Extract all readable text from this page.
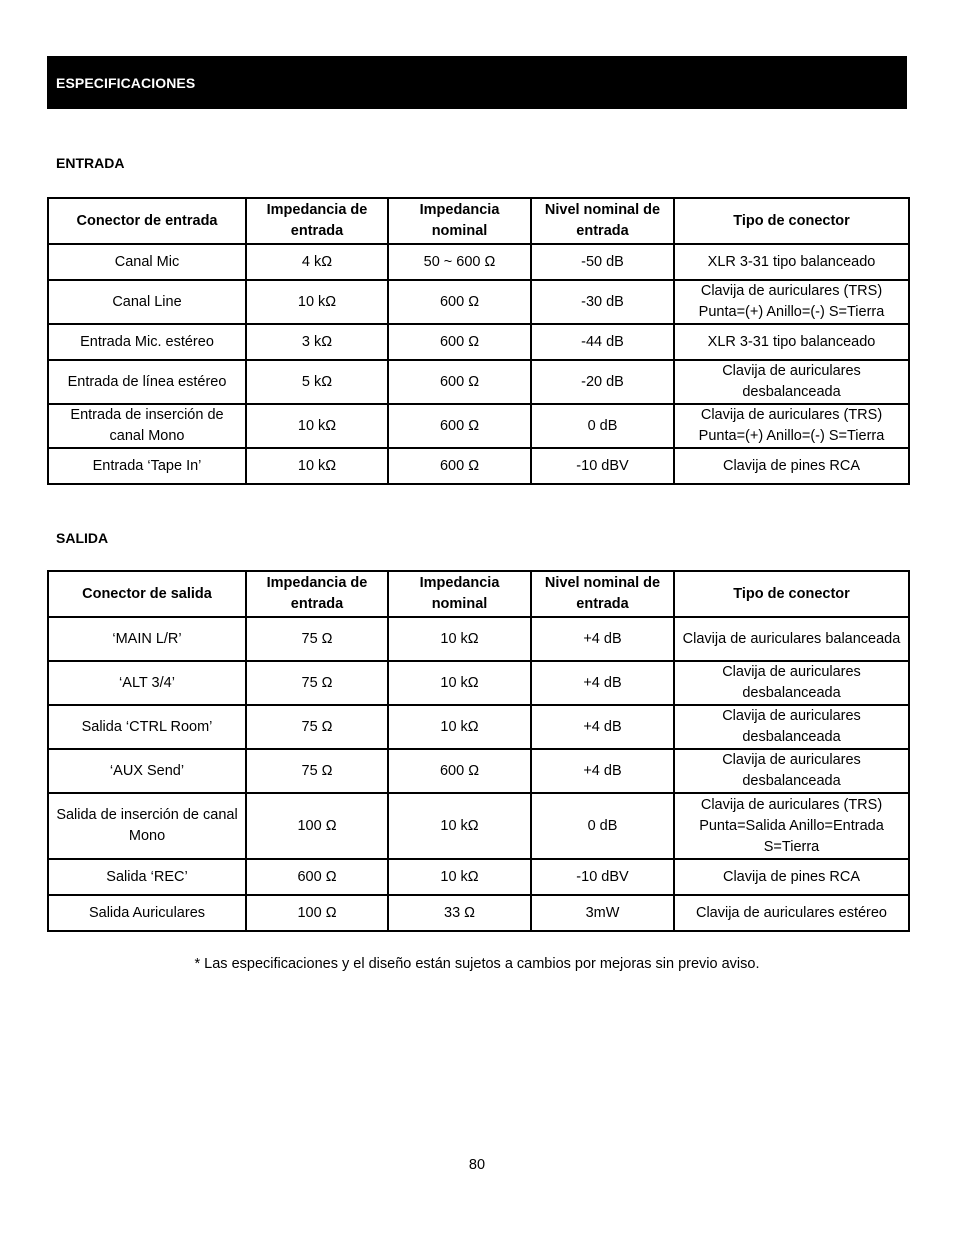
ESPECIFICACIONES
ENTRADA
Conector de entrada	Impedancia de entrada	Impedancia nominal	Nivel nominal de entrada	Tipo de conector
Canal Mic	4 kΩ	50 ~ 600 Ω	-50 dB	XLR 3-31 tipo balanceado
Canal Line	10 kΩ	600 Ω	-30 dB	Clavija de auriculares (TRS) Punta=(+) Anillo=(-) S=Tierra
Entrada Mic. estéreo	3 kΩ	600 Ω	-44 dB	XLR 3-31 tipo balanceado
Entrada de línea estéreo	5 kΩ	600 Ω	-20 dB	Clavija de auriculares desbalanceada
Entrada de inserción de canal Mono	10 kΩ	600 Ω	0 dB	Clavija de auriculares (TRS) Punta=(+) Anillo=(-) S=Tierra
Entrada ‘Tape In’	10 kΩ	600 Ω	-10 dBV	Clavija de pines RCA
SALIDA
Conector de salida	Impedancia de entrada	Impedancia nominal	Nivel nominal de entrada	Tipo de conector
‘MAIN L/R’	75 Ω	10 kΩ	+4 dB	Clavija de auriculares balanceada
‘ALT 3/4’	75 Ω	10 kΩ	+4 dB	Clavija de auriculares desbalanceada
Salida ‘CTRL Room’	75 Ω	10 kΩ	+4 dB	Clavija de auriculares desbalanceada
‘AUX Send’	75 Ω	600 Ω	+4 dB	Clavija de auriculares desbalanceada
Salida de inserción de canal Mono	100 Ω	10 kΩ	0 dB	Clavija de auriculares (TRS) Punta=Salida Anillo=Entrada S=Tierra
Salida ‘REC’	600 Ω	10 kΩ	-10 dBV	Clavija de pines RCA
Salida Auriculares	100 Ω	33 Ω	3mW	Clavija de auriculares estéreo
* Las especificaciones y el diseño están sujetos a cambios por mejoras sin previo aviso.
80
